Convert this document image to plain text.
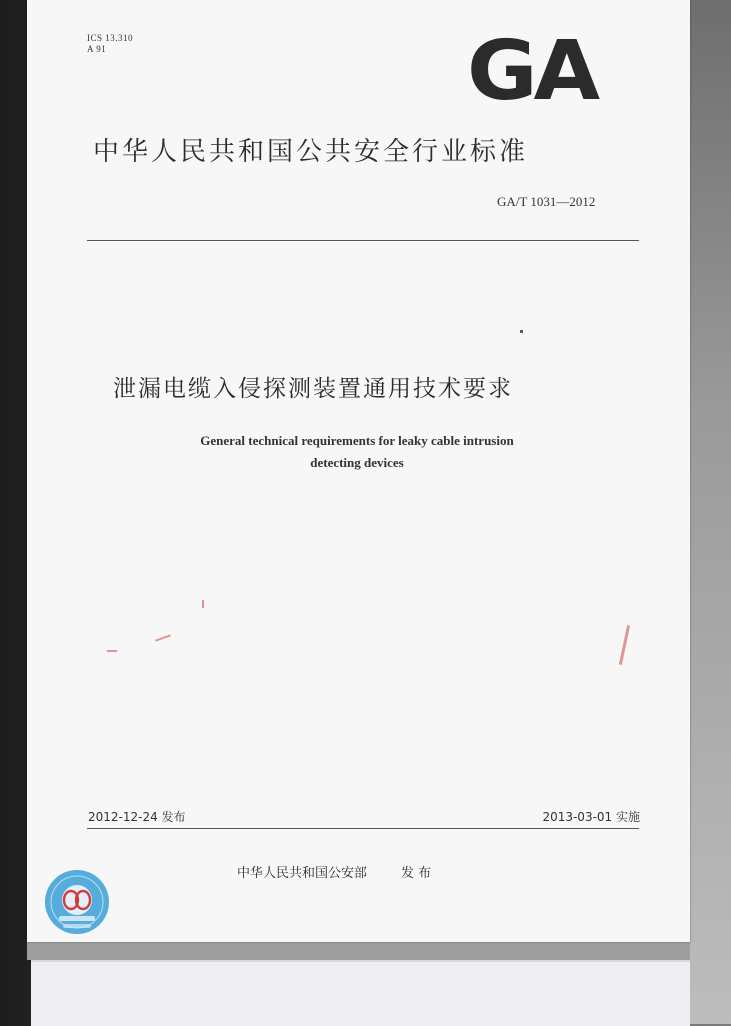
ICS 13.310
A 91	GA
中华人民共和国公共安全行业标准
GA/T 1031—2012
泄漏电缆入侵探测装置通用技术要求
General technical requirements for leaky cable intrusion
detecting devices
2012-12-24 发布	2013-03-01 实施
中华人民共和国公安部	发 布
